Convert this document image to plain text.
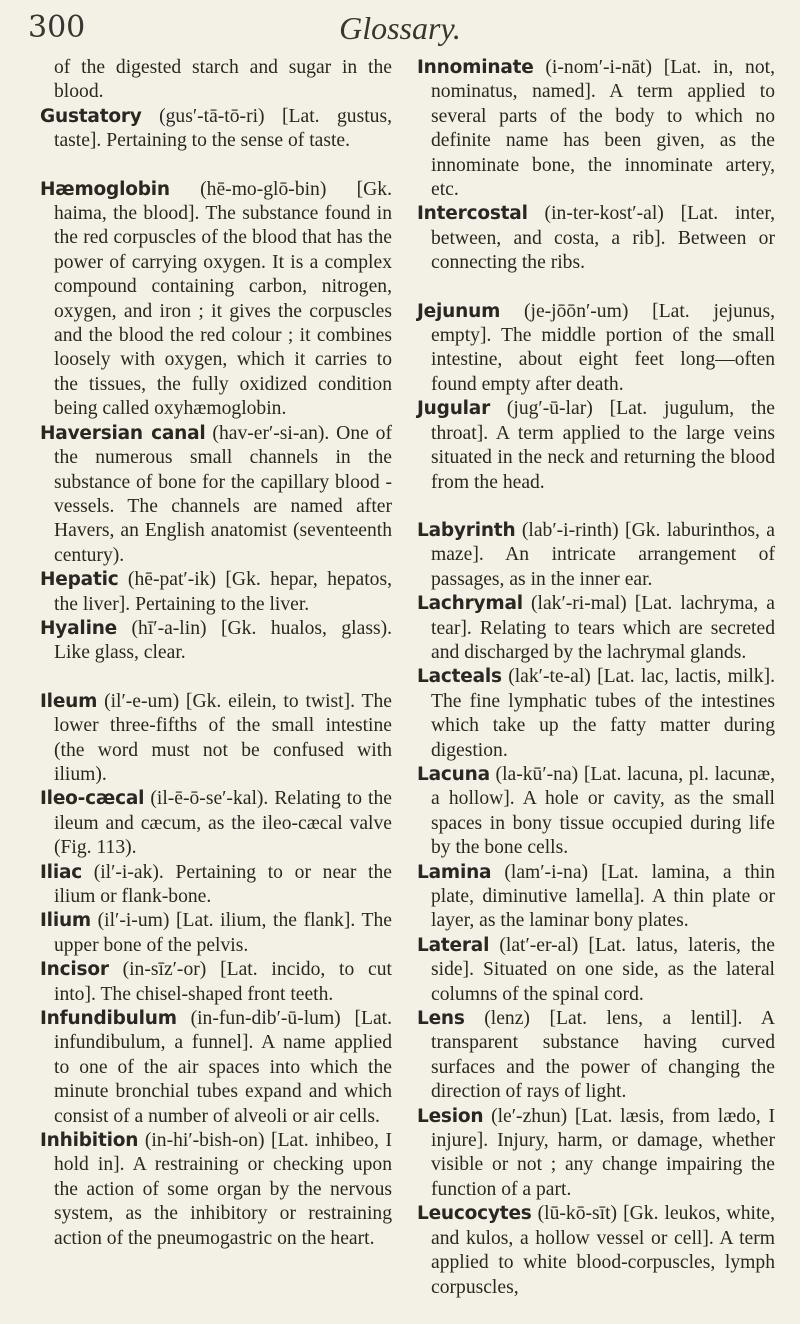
300	Glossary.

of the digested starch and sugar in the blood.

Gustatory (gus′-tā-tō-ri) [Lat. gustus, taste]. Pertaining to the sense of taste.

Hæmoglobin (hē-mo-glō-bin) [Gk. haima, the blood]. The substance found in the red corpuscles of the blood that has the power of carrying oxygen. It is a complex compound containing carbon, nitrogen, oxygen, and iron ; it gives the corpuscles and the blood the red colour ; it combines loosely with oxygen, which it carries to the tissues, the fully oxidized condition being called oxyhæmoglobin.

Haversian canal (hav-er′-si-an). One of the numerous small channels in the substance of bone for the capillary blood - vessels. The channels are named after Havers, an English anatomist (seventeenth century).

Hepatic (hē-pat′-ik) [Gk. hepar, hepatos, the liver]. Pertaining to the liver.

Hyaline (hī′-a-lin) [Gk. hualos, glass). Like glass, clear.

Ileum (il′-e-um) [Gk. eilein, to twist]. The lower three-fifths of the small intestine (the word must not be confused with ilium).

Ileo-cæcal (il-ē-ō-se′-kal). Relating to the ileum and cæcum, as the ileo-cæcal valve (Fig. 113).

Iliac (il′-i-ak). Pertaining to or near the ilium or flank-bone.

Ilium (il′-i-um) [Lat. ilium, the flank]. The upper bone of the pelvis.

Incisor (in-sīz′-or) [Lat. incido, to cut into]. The chisel-shaped front teeth.

Infundibulum (in-fun-dib′-ū-lum) [Lat. infundibulum, a funnel]. A name applied to one of the air spaces into which the minute bronchial tubes expand and which consist of a number of alveoli or air cells.

Inhibition (in-hi′-bish-on) [Lat. inhibeo, I hold in]. A restraining or checking upon the action of some organ by the nervous system, as the inhibitory or restraining action of the pneumogastric on the heart.

Innominate (i-nom′-i-nāt) [Lat. in, not, nominatus, named]. A term applied to several parts of the body to which no definite name has been given, as the innominate bone, the innominate artery, etc.

Intercostal (in-ter-kost′-al) [Lat. inter, between, and costa, a rib]. Between or connecting the ribs.

Jejunum (je-jōōn′-um) [Lat. jejunus, empty]. The middle portion of the small intestine, about eight feet long—often found empty after death.

Jugular (jug′-ū-lar) [Lat. jugulum, the throat]. A term applied to the large veins situated in the neck and returning the blood from the head.

Labyrinth (lab′-i-rinth) [Gk. laburinthos, a maze]. An intricate arrangement of passages, as in the inner ear.

Lachrymal (lak′-ri-mal) [Lat. lachryma, a tear]. Relating to tears which are secreted and discharged by the lachrymal glands.

Lacteals (lak′-te-al) [Lat. lac, lactis, milk]. The fine lymphatic tubes of the intestines which take up the fatty matter during digestion.

Lacuna (la-kū′-na) [Lat. lacuna, pl. lacunæ, a hollow]. A hole or cavity, as the small spaces in bony tissue occupied during life by the bone cells.

Lamina (lam′-i-na) [Lat. lamina, a thin plate, diminutive lamella]. A thin plate or layer, as the laminar bony plates.

Lateral (lat′-er-al) [Lat. latus, lateris, the side]. Situated on one side, as the lateral columns of the spinal cord.

Lens (lenz) [Lat. lens, a lentil]. A transparent substance having curved surfaces and the power of changing the direction of rays of light.

Lesion (le′-zhun) [Lat. læsis, from lædo, I injure]. Injury, harm, or damage, whether visible or not ; any change impairing the function of a part.

Leucocytes (lū-kō-sīt) [Gk. leukos, white, and kulos, a hollow vessel or cell]. A term applied to white blood-corpuscles, lymph corpuscles,
